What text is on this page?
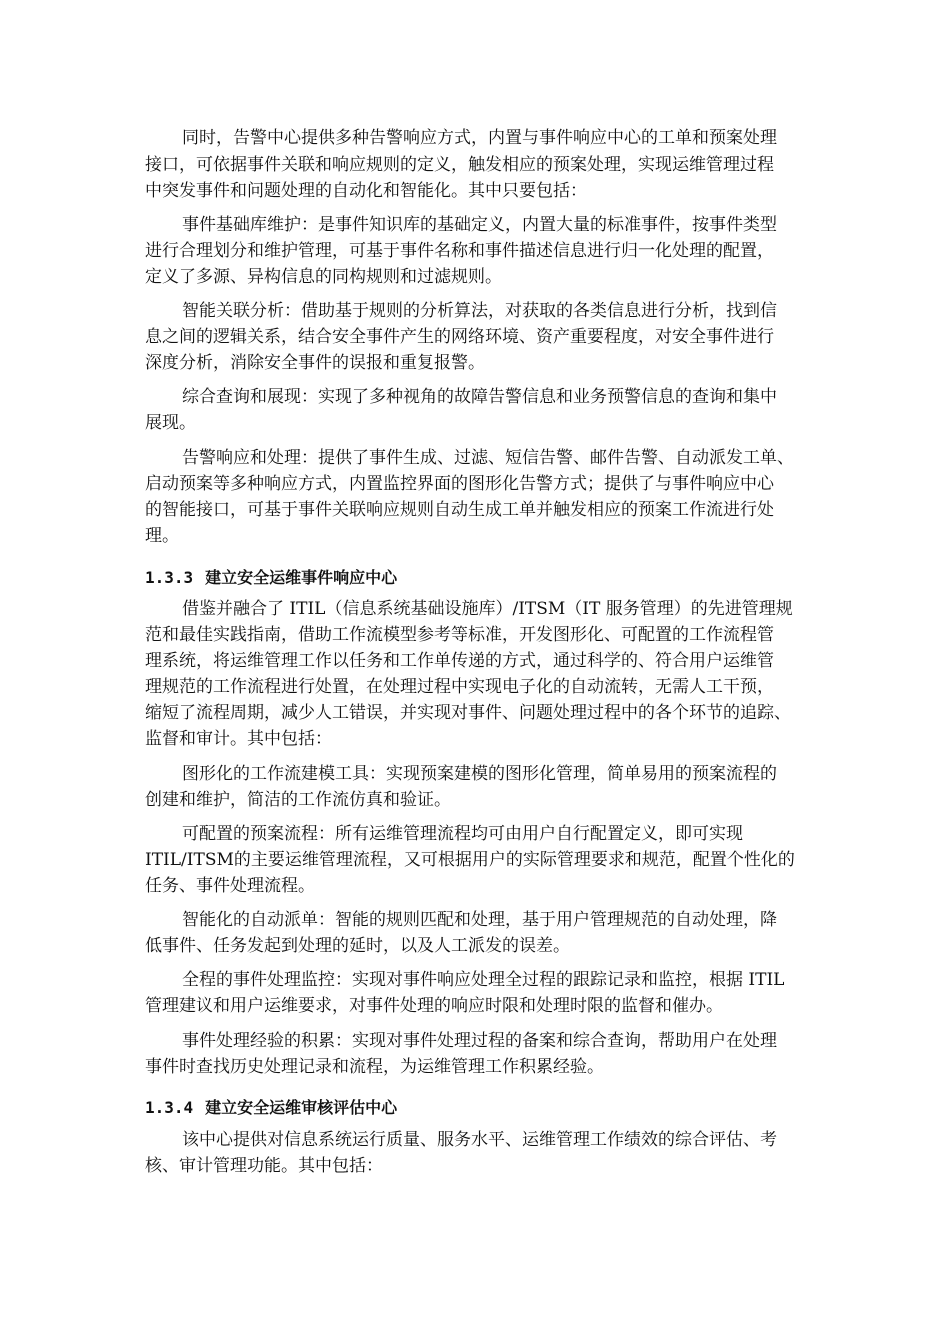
同时，告警中心提供多种告警响应方式，内置与事件响应中心的工单和预案处理

接口，可依据事件关联和响应规则的定义，触发相应的预案处理，实现运维管理过程

中突发事件和问题处理的自动化和智能化。其中只要包括：

事件基础库维护：是事件知识库的基础定义，内置大量的标准事件，按事件类型

进行合理划分和维护管理，可基于事件名称和事件描述信息进行归一化处理的配置，

定义了多源、异构信息的同构规则和过滤规则。

智能关联分析：借助基于规则的分析算法，对获取的各类信息进行分析，找到信

息之间的逻辑关系，结合安全事件产生的网络环境、资产重要程度，对安全事件进行

深度分析，消除安全事件的误报和重复报警。

综合查询和展现：实现了多种视角的故障告警信息和业务预警信息的查询和集中

展现。

告警响应和处理：提供了事件生成、过滤、短信告警、邮件告警、自动派发工单、

启动预案等多种响应方式，内置监控界面的图形化告警方式；提供了与事件响应中心

的智能接口，可基于事件关联响应规则自动生成工单并触发相应的预案工作流进行处

理。

1.3.3 建立安全运维事件响应中心

借鉴并融合了 ITIL（信息系统基础设施库）/ITSM（IT 服务管理）的先进管理规

范和最佳实践指南，借助工作流模型参考等标准，开发图形化、可配置的工作流程管

理系统，将运维管理工作以任务和工作单传递的方式，通过科学的、符合用户运维管

理规范的工作流程进行处置，在处理过程中实现电子化的自动流转，无需人工干预，

缩短了流程周期，减少人工错误，并实现对事件、问题处理过程中的各个环节的追踪、

监督和审计。其中包括：

图形化的工作流建模工具：实现预案建模的图形化管理，简单易用的预案流程的

创建和维护，简洁的工作流仿真和验证。

可配置的预案流程：所有运维管理流程均可由用户自行配置定义，即可实现

ITIL/ITSM的主要运维管理流程，又可根据用户的实际管理要求和规范，配置个性化的

任务、事件处理流程。

智能化的自动派单：智能的规则匹配和处理，基于用户管理规范的自动处理，降

低事件、任务发起到处理的延时，以及人工派发的误差。

全程的事件处理监控：实现对事件响应处理全过程的跟踪记录和监控，根据 ITIL

管理建议和用户运维要求，对事件处理的响应时限和处理时限的监督和催办。

事件处理经验的积累：实现对事件处理过程的备案和综合查询，帮助用户在处理

事件时查找历史处理记录和流程，为运维管理工作积累经验。

1.3.4 建立安全运维审核评估中心

该中心提供对信息系统运行质量、服务水平、运维管理工作绩效的综合评估、考

核、审计管理功能。其中包括：
